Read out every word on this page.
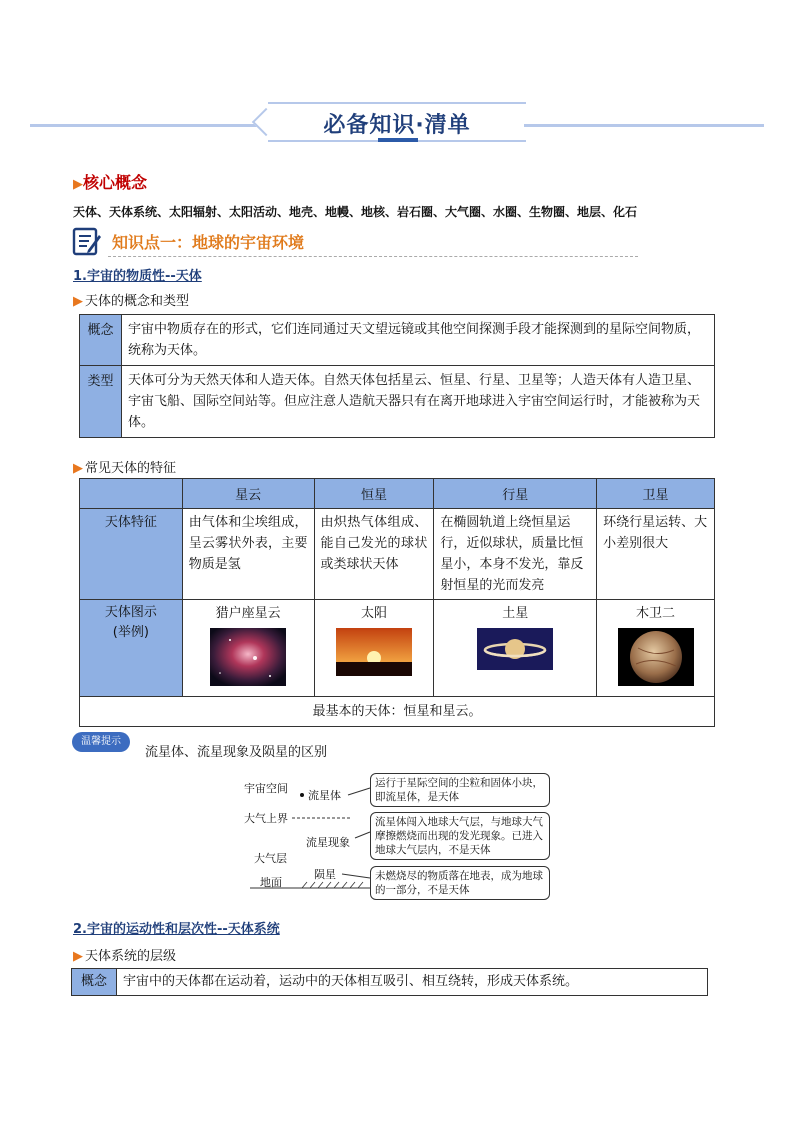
必备知识·清单
▶核心概念
天体、天体系统、太阳辐射、太阳活动、地壳、地幔、地核、岩石圈、大气圈、水圈、生物圈、地层、化石
知识点一：地球的宇宙环境
1.宇宙的物质性--天体
▶ 天体的概念和类型
概念	宇宙中物质存在的形式，它们连同通过天文望远镜或其他空间探测手段才能探测到的星际空间物质，统称为天体。
类型	天体可分为天然天体和人造天体。自然天体包括星云、恒星、行星、卫星等；人造天体有人造卫星、宇宙飞船、国际空间站等。但应注意人造航天器只有在离开地球进入宇宙空间运行时，才能被称为天体。
▶ 常见天体的特征
	星云	恒星	行星	卫星
天体特征	由气体和尘埃组成，呈云雾状外表，主要物质是氢	由炽热气体组成、能自己发光的球状或类球状天体	在椭圆轨道上绕恒星运行，近似球状，质量比恒星小，本身不发光，靠反射恒星的光而发亮	环绕行星运转、大小差别很大
天体图示
(举例)	猎户座星云	太阳	土星	木卫二

最基本的天体：恒星和星云。				
温馨提示
流星体、流星现象及陨星的区别
宇宙空间
流星体
大气上界
流星现象
大气层
陨星
地面
运行于星际空间的尘粒和固体小块，即流星体，是天体
流星体闯入地球大气层，与地球大气摩擦燃烧而出现的发光现象。已进入地球大气层内，不是天体
未燃烧尽的物质落在地表，成为地球的一部分，不是天体
2.宇宙的运动性和层次性--天体系统
▶ 天体系统的层级
概念	宇宙中的天体都在运动着，运动中的天体相互吸引、相互绕转，形成天体系统。
